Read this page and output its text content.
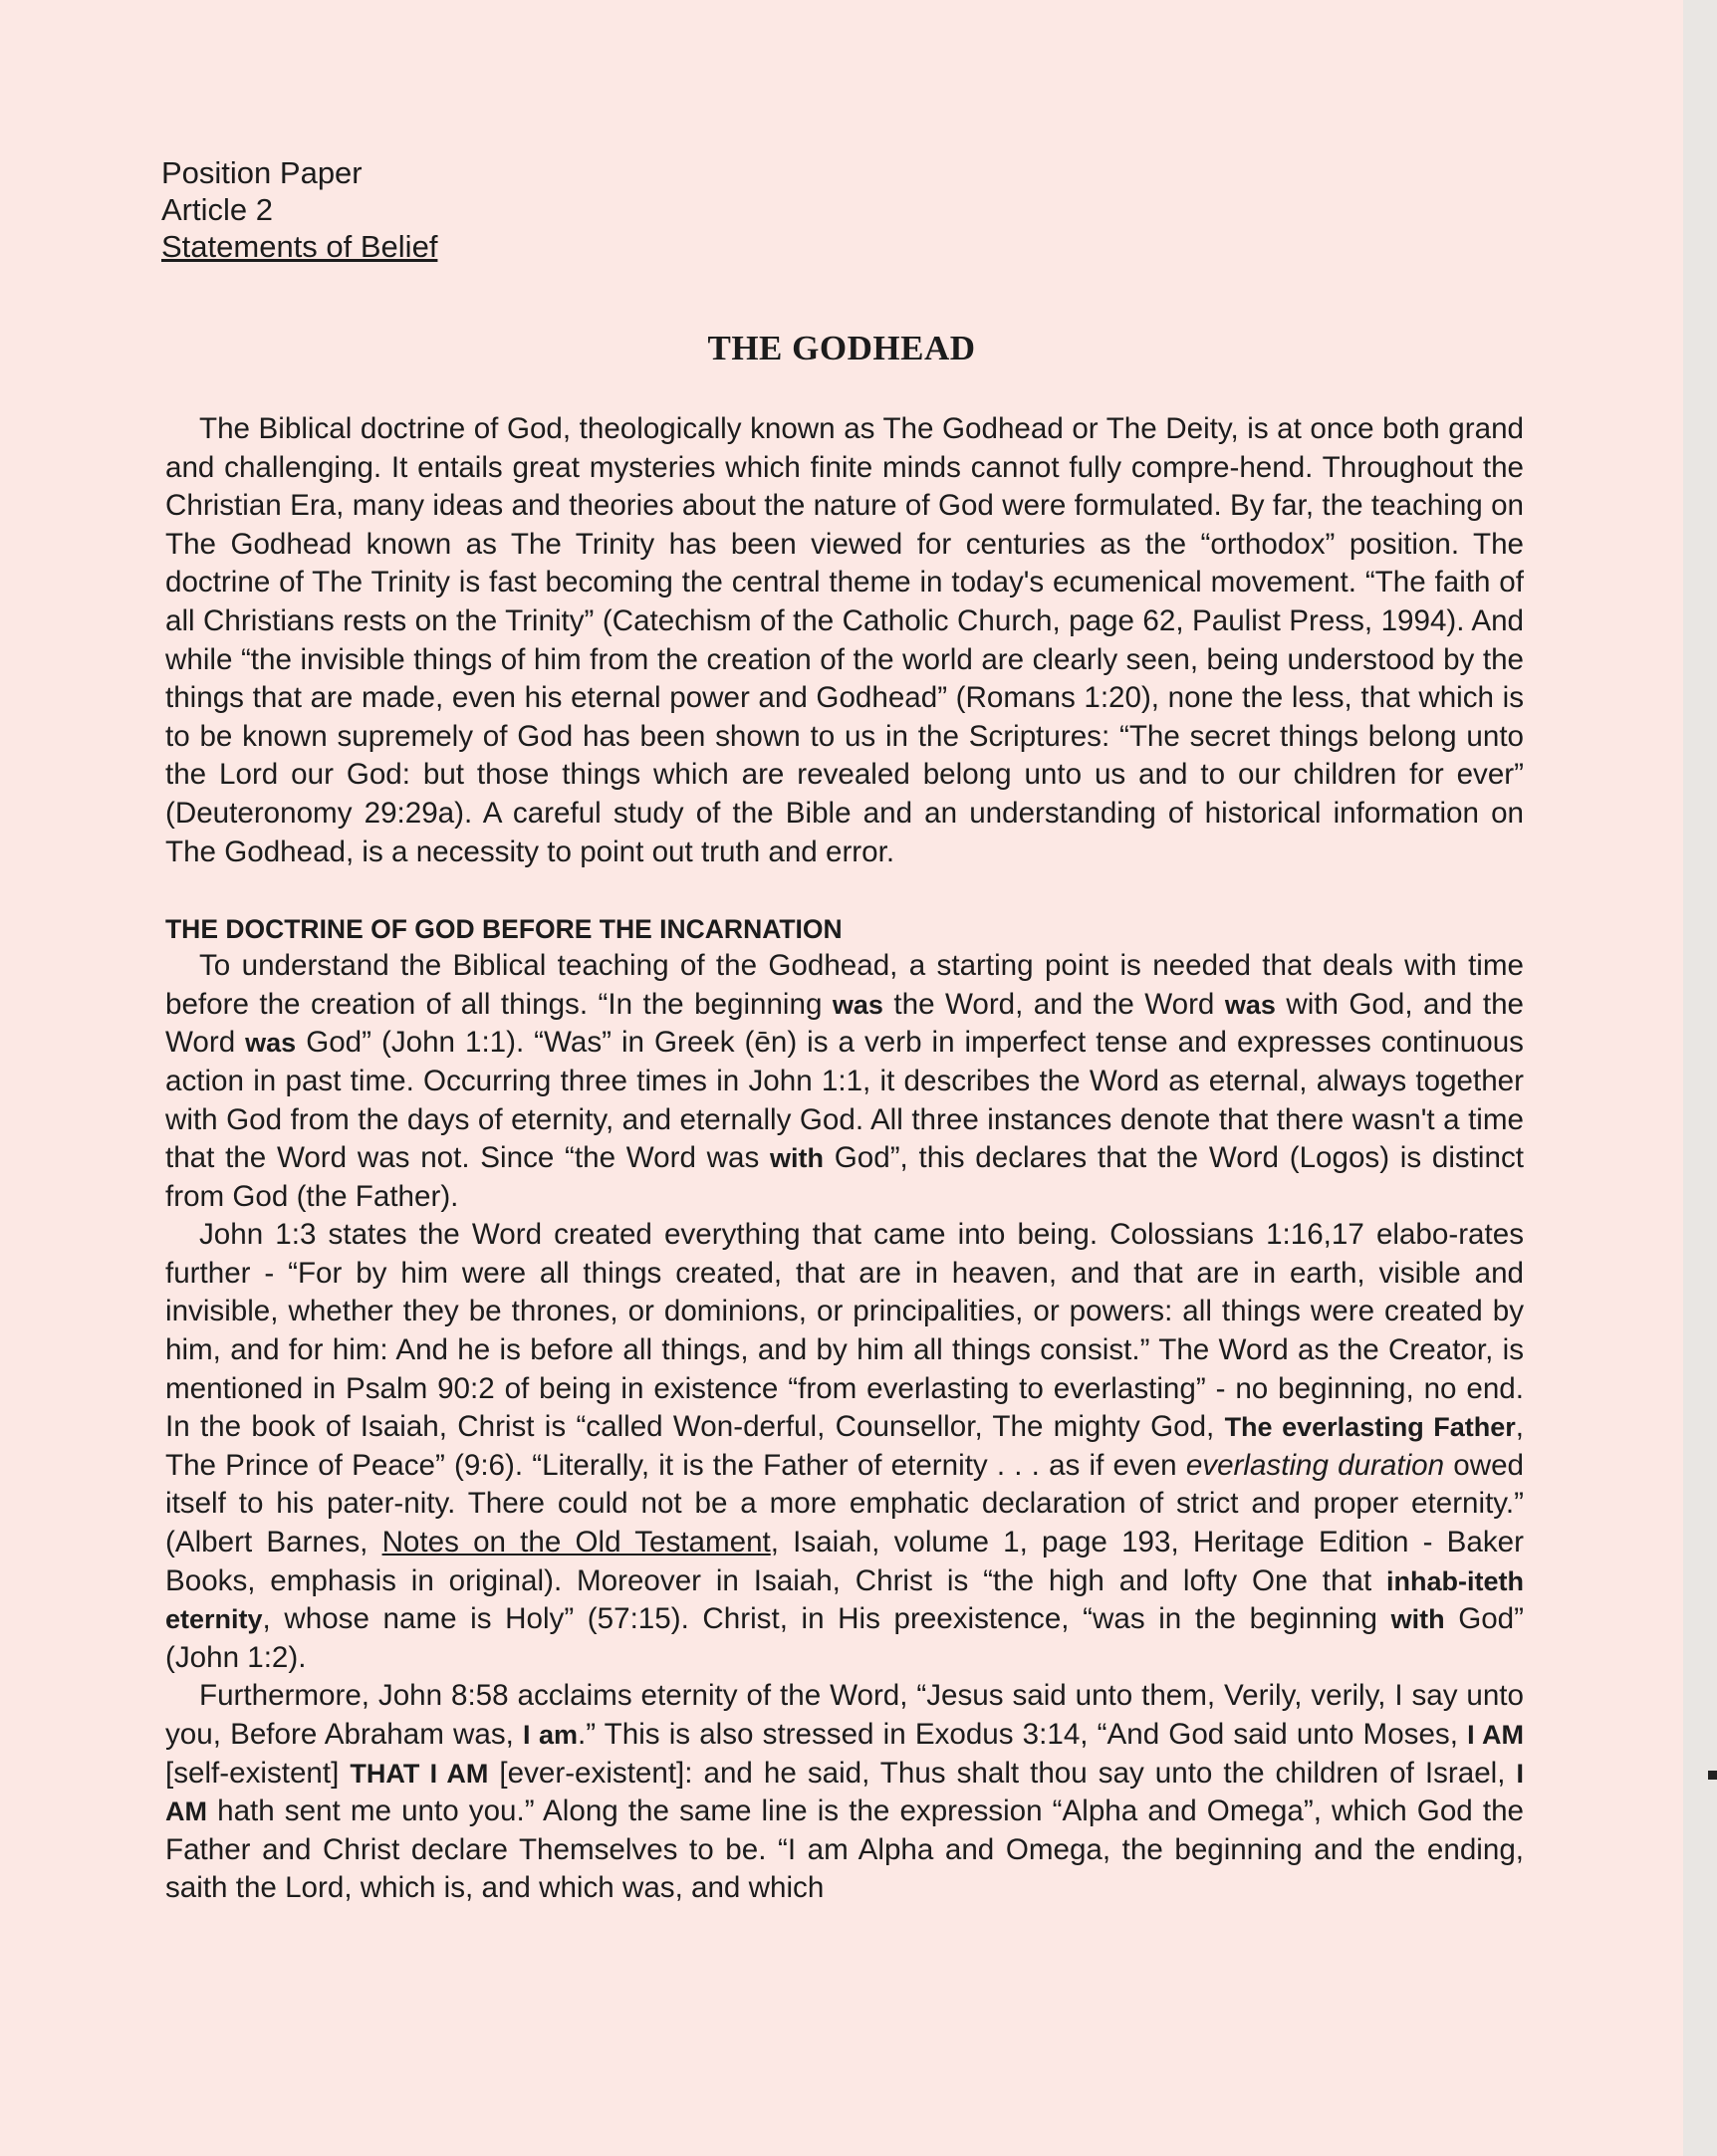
Position Paper
Article 2
Statements of Belief
THE GODHEAD

The Biblical doctrine of God, theologically known as The Godhead or The Deity, is at once both grand and challenging. It entails great mysteries which finite minds cannot fully compre-hend. Throughout the Christian Era, many ideas and theories about the nature of God were formulated. By far, the teaching on The Godhead known as The Trinity has been viewed for centuries as the “orthodox” position. The doctrine of The Trinity is fast becoming the central theme in today's ecumenical movement. “The faith of all Christians rests on the Trinity” (Catechism of the Catholic Church, page 62, Paulist Press, 1994). And while “the invisible things of him from the creation of the world are clearly seen, being understood by the things that are made, even his eternal power and Godhead” (Romans 1:20), none the less, that which is to be known supremely of God has been shown to us in the Scriptures: “The secret things belong unto the Lord our God: but those things which are revealed belong unto us and to our children for ever” (Deuteronomy 29:29a). A careful study of the Bible and an understanding of historical information on The Godhead, is a necessity to point out truth and error.

THE DOCTRINE OF GOD BEFORE THE INCARNATION

To understand the Biblical teaching of the Godhead, a starting point is needed that deals with time before the creation of all things. “In the beginning was the Word, and the Word was with God, and the Word was God” (John 1:1). “Was” in Greek (ēn) is a verb in imperfect tense and expresses continuous action in past time. Occurring three times in John 1:1, it describes the Word as eternal, always together with God from the days of eternity, and eternally God. All three instances denote that there wasn't a time that the Word was not. Since “the Word was with God”, this declares that the Word (Logos) is distinct from God (the Father).

John 1:3 states the Word created everything that came into being. Colossians 1:16,17 elabo-rates further - “For by him were all things created, that are in heaven, and that are in earth, visible and invisible, whether they be thrones, or dominions, or principalities, or powers: all things were created by him, and for him: And he is before all things, and by him all things consist.” The Word as the Creator, is mentioned in Psalm 90:2 of being in existence “from everlasting to everlasting” - no beginning, no end. In the book of Isaiah, Christ is “called Won-derful, Counsellor, The mighty God, The everlasting Father, The Prince of Peace” (9:6). “Literally, it is the Father of eternity . . . as if even everlasting duration owed itself to his pater-nity. There could not be a more emphatic declaration of strict and proper eternity.” (Albert Barnes, Notes on the Old Testament, Isaiah, volume 1, page 193, Heritage Edition - Baker Books, emphasis in original). Moreover in Isaiah, Christ is “the high and lofty One that inhab-iteth eternity, whose name is Holy” (57:15). Christ, in His preexistence, “was in the beginning with God” (John 1:2).

Furthermore, John 8:58 acclaims eternity of the Word, “Jesus said unto them, Verily, verily, I say unto you, Before Abraham was, I am.” This is also stressed in Exodus 3:14, “And God said unto Moses, I AM [self-existent] THAT I AM [ever-existent]: and he said, Thus shalt thou say unto the children of Israel, I AM hath sent me unto you.” Along the same line is the expression “Alpha and Omega”, which God the Father and Christ declare Themselves to be. “I am Alpha and Omega, the beginning and the ending, saith the Lord, which is, and which was, and which
